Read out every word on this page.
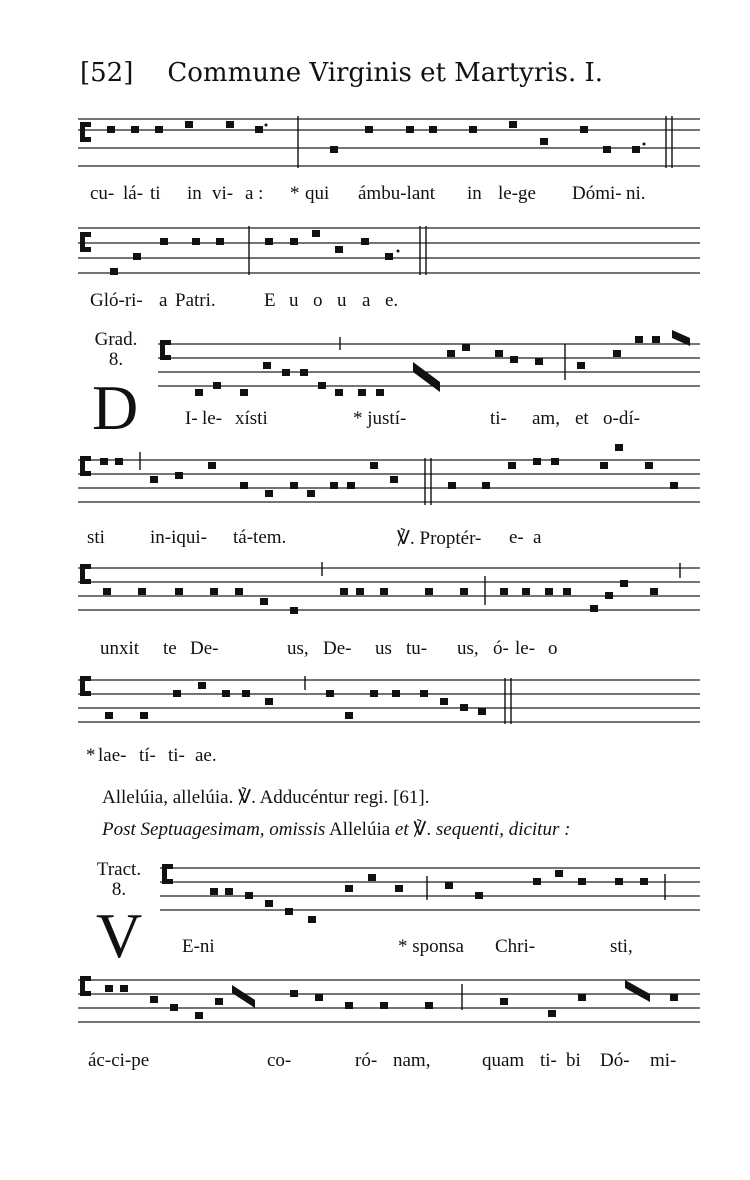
[52] Commune Virginis et Martyris. I.
cu- lá- ti in vi- a : * qui ámbu-lant in le-ge Dómi- ni.
Gló-ri- a Patri.	E u o u a e.
Grad.
8.
D I- le- xísti	* justí-	ti- am, et o-dí-
sti in-iqui- tá-tem.	℣. Proptér- e- a
unxit te De-	us, De- us tu- us, ó- le- o
* lae- tí- ti- ae.
Allelúia, allelúia. ℣. Adducéntur regi. [61].
Post Septuagesimam, omissis Allelúia et ℣. sequenti, dicitur :
Tract.
8.
V E-ni	* sponsa Chri-	sti,
ác-ci-pe	co-	ró- nam,	quam ti- bi Dó- mi-
